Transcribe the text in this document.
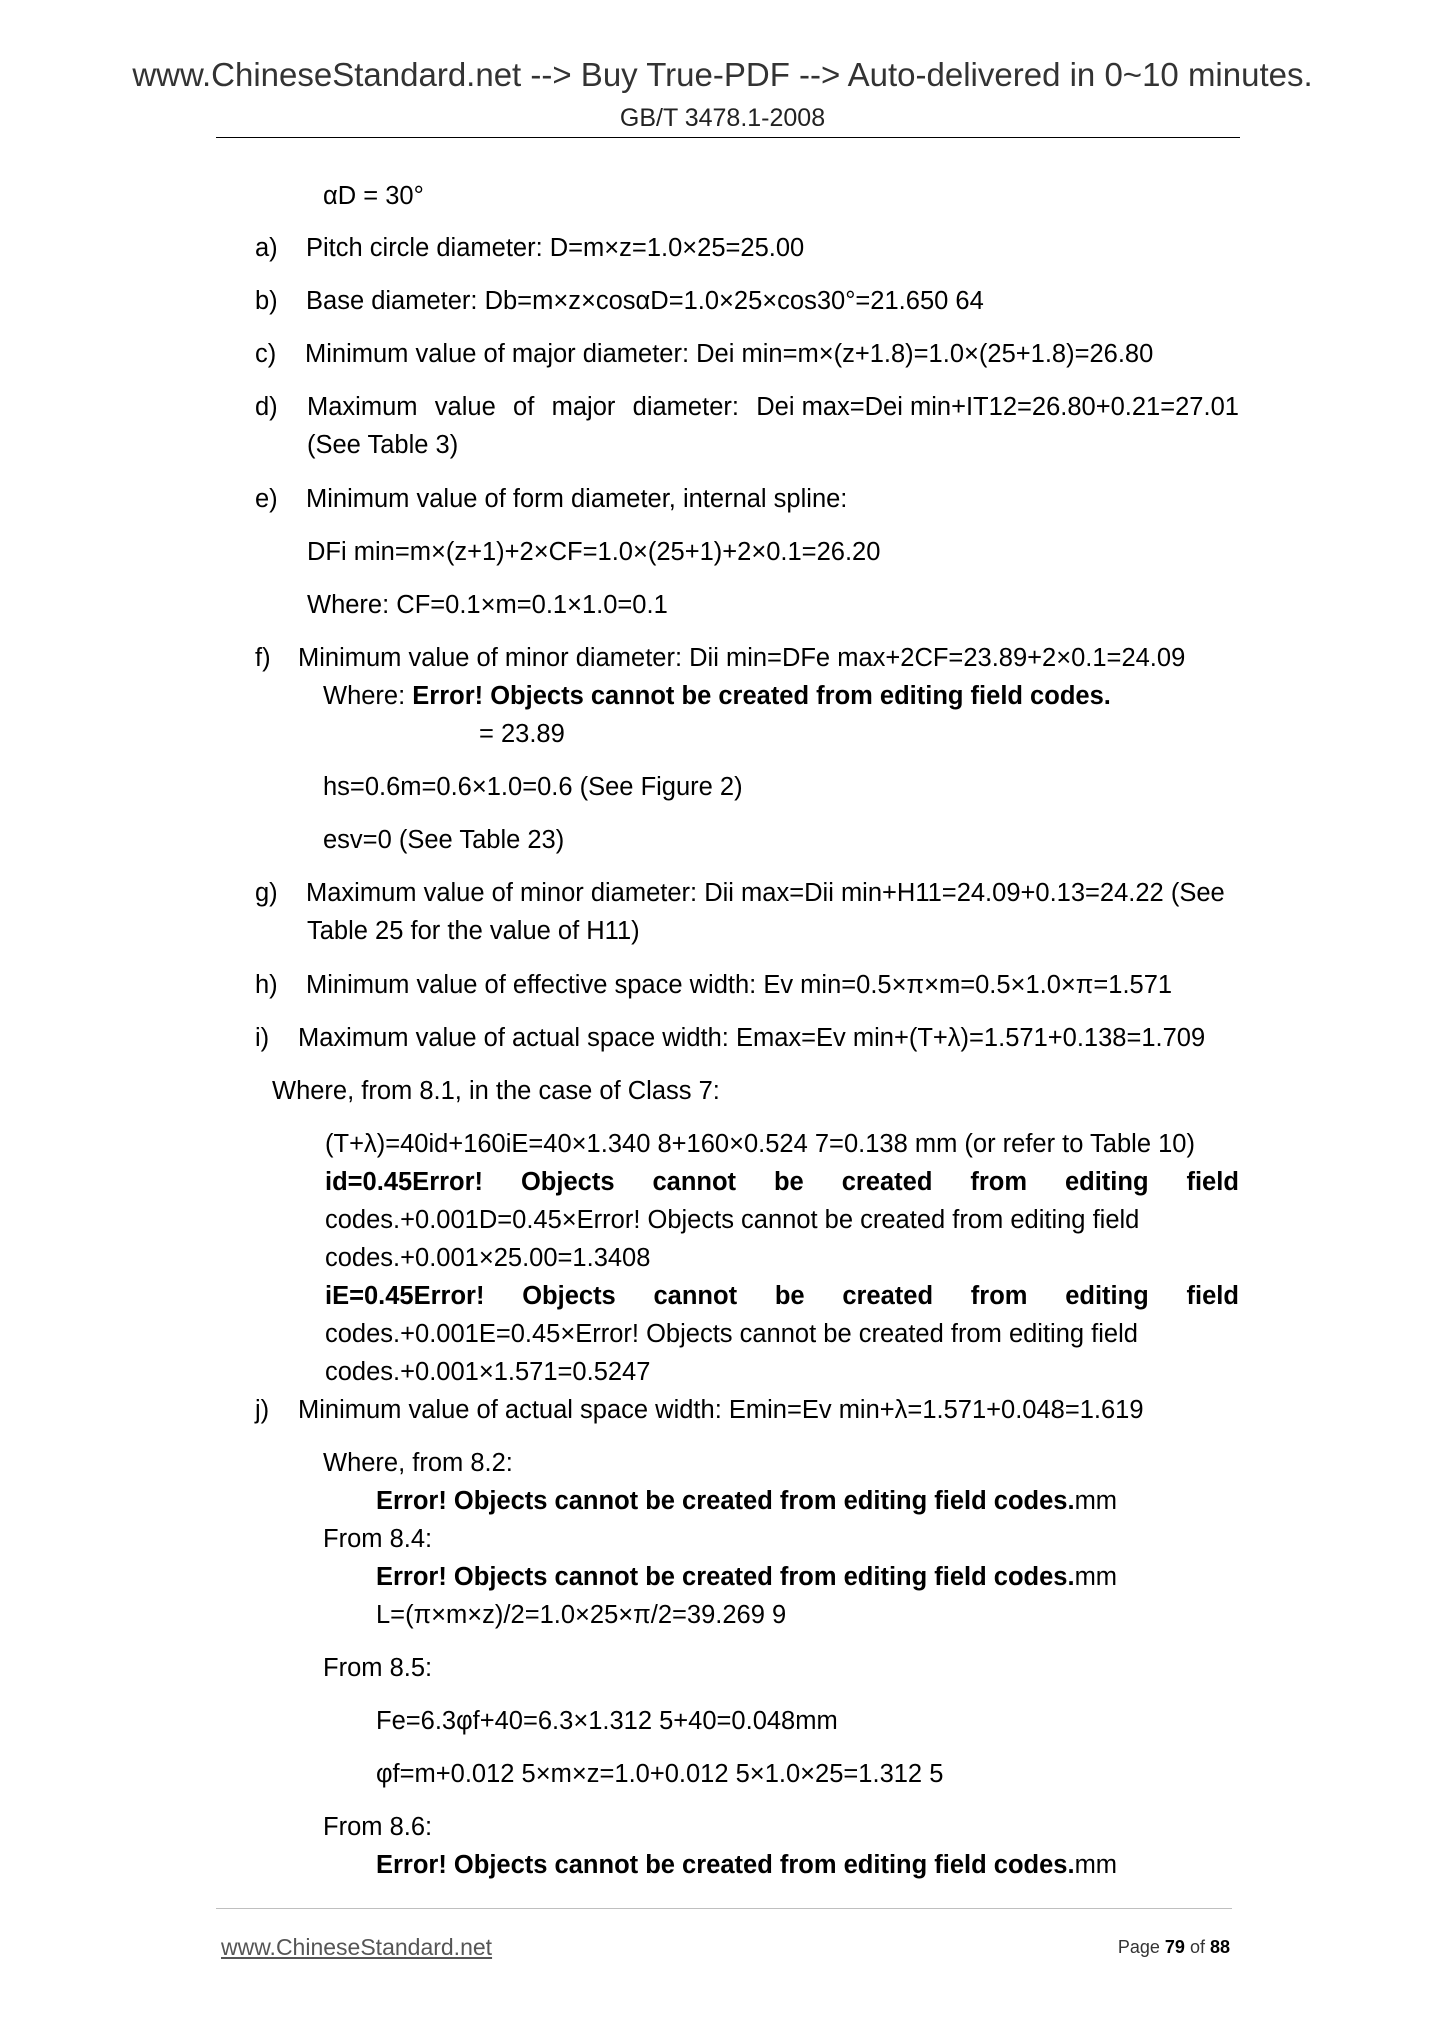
www.ChineseStandard.net --> Buy True-PDF --> Auto-delivered in 0~10 minutes.
GB/T 3478.1-2008
αD = 30°
a) Pitch circle diameter: D=m×z=1.0×25=25.00
b) Base diameter: Db=m×z×cosαD=1.0×25×cos30°=21.650 64
c) Minimum value of major diameter: Dei min=m×(z+1.8)=1.0×(25+1.8)=26.80
d) Maximum value of major diameter: Dei max=Dei min+IT12=26.80+0.21=27.01
(See Table 3)
e) Minimum value of form diameter, internal spline:
DFi min=m×(z+1)+2×CF=1.0×(25+1)+2×0.1=26.20
Where: CF=0.1×m=0.1×1.0=0.1
f) Minimum value of minor diameter: Dii min=DFe max+2CF=23.89+2×0.1=24.09
Where: Error! Objects cannot be created from editing field codes.
= 23.89
hs=0.6m=0.6×1.0=0.6 (See Figure 2)
esv=0 (See Table 23)
g) Maximum value of minor diameter: Dii max=Dii min+H11=24.09+0.13=24.22 (See
Table 25 for the value of H11)
h) Minimum value of effective space width: Ev min=0.5×π×m=0.5×1.0×π=1.571
i) Maximum value of actual space width: Emax=Ev min+(T+λ)=1.571+0.138=1.709
Where, from 8.1, in the case of Class 7:
(T+λ)=40id+160iE=40×1.340 8+160×0.524 7=0.138 mm (or refer to Table 10)
id=0.45Error! Objects cannot be created from editing field
codes.+0.001D=0.45×Error! Objects cannot be created from editing field
codes.+0.001×25.00=1.3408
iE=0.45Error! Objects cannot be created from editing field
codes.+0.001E=0.45×Error! Objects cannot be created from editing field
codes.+0.001×1.571=0.5247
j) Minimum value of actual space width: Emin=Ev min+λ=1.571+0.048=1.619
Where, from 8.2:
Error! Objects cannot be created from editing field codes.mm
From 8.4:
Error! Objects cannot be created from editing field codes.mm
L=(π×m×z)/2=1.0×25×π/2=39.269 9
From 8.5:
Fe=6.3φf+40=6.3×1.312 5+40=0.048mm
φf=m+0.012 5×m×z=1.0+0.012 5×1.0×25=1.312 5
From 8.6:
Error! Objects cannot be created from editing field codes.mm
www.ChineseStandard.net	Page 79 of 88
